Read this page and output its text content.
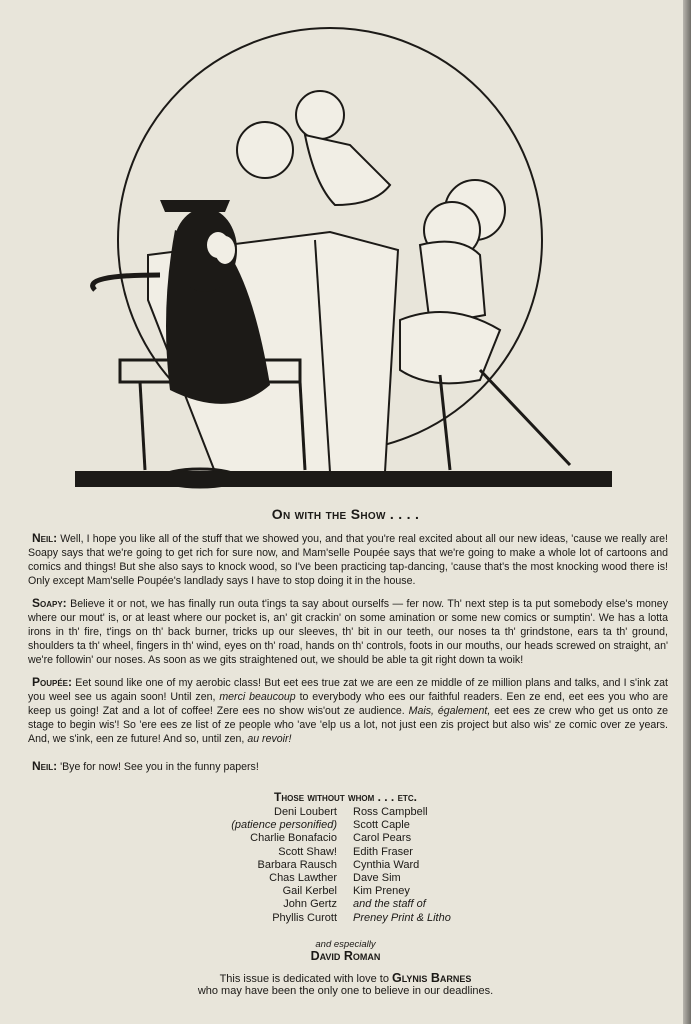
On with the Show . . . .

Neil: Well, I hope you like all of the stuff that we showed you, and that you're real excited about all our new ideas, 'cause we really are! Soapy says that we're going to get rich for sure now, and Mam'selle Poupée says that we're going to make a whole lot of cartoons and comics and things! But she also says to knock wood, so I've been practicing tap-dancing, 'cause that's the most knocking wood there is! Only except Mam'selle Poupée's landlady says I have to stop doing it in the house.

Soapy: Believe it or not, we has finally run outa t'ings ta say about ourselfs — fer now. Th' next step is ta put somebody else's money where our mout' is, or at least where our pocket is, an' git crackin' on some amination or some new comics or sumptin'. We has a lotta irons in th' fire, t'ings on th' back burner, tricks up our sleeves, th' bit in our teeth, our noses ta th' grindstone, ears ta th' ground, shoulders ta th' wheel, fingers in th' wind, eyes on th' road, hands on th' controls, foots in our mouths, our heads screwed on straight, an' we're followin' our noses. As soon as we gits straightened out, we should be able ta git right down ta woik!

Poupée: Eet sound like one of my aerobic class! But eet ees true zat we are een ze middle of ze million plans and talks, and I s'ink zat you weel see us again soon! Until zen, merci beaucoup to everybody who ees our faithful readers. Een ze end, eet ees you who are keep us going! Zat and a lot of coffee! Zere ees no show wis'out ze audience. Mais, également, eet ees ze crew who get us onto ze stage to begin wis'! So 'ere ees ze list of ze people who 'ave 'elp us a lot, not just een zis project but also wis' ze comic over ze years. And, we s'ink, een ze future! And so, until zen, au revoir!

Neil: 'Bye for now! See you in the funny papers!

Those without whom . . . etc.
Deni Loubert
(patience personified)
Charlie Bonafacio
Scott Shaw!
Barbara Rausch
Chas Lawther
Gail Kerbel
John Gertz
Phyllis Curott
Ross Campbell
Scott Caple
Carol Pears
Edith Fraser
Cynthia Ward
Dave Sim
Kim Preney
and the staff of
Preney Print & Litho
and especially
David Roman
This issue is dedicated with love to Glynis Barnes
who may have been the only one to believe in our deadlines.
